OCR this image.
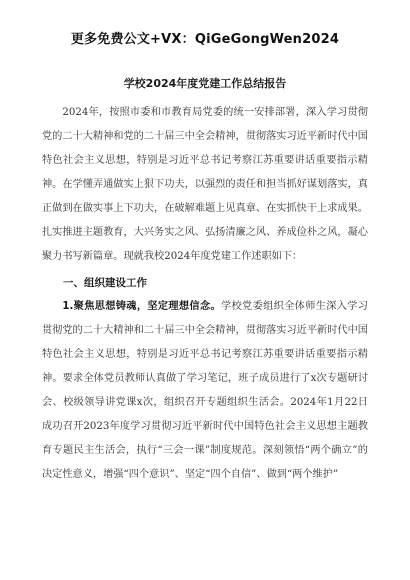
更多免费公文+VX：QiGeGongWen2024
学校2024年度党建工作总结报告

2024年，按照市委和市教育局党委的统一安排部署，深入学习贯彻党的二十大精神和党的二十届三中全会精神，贯彻落实习近平新时代中国特色社会主义思想，特别是习近平总书记考察江苏重要讲话重要指示精神。在学懂弄通做实上狠下功夫，以强烈的责任和担当抓好谋划落实，真正做到在做实事上下功夫，在破解难题上见真章、在实抓快干上求成果。扎实推进主题教育，大兴务实之风、弘扬清廉之风、养成俭朴之风，凝心聚力书写新篇章。现就我校2024年度党建工作述职如下：

一、组织建设工作

1.聚焦思想铸魂，坚定理想信念。学校党委组织全体师生深入学习贯彻党的二十大精神和二十届三中全会精神，贯彻落实习近平新时代中国特色社会主义思想，特别是习近平总书记考察江苏重要讲话重要指示精神。要求全体党员教师认真做了学习笔记，班子成员进行了x次专题研讨会、校级领导讲党课x次，组织召开专题组织生活会。2024年1月22日成功召开2023年度学习贯彻习近平新时代中国特色社会主义思想主题教育专题民主生活会，执行“三会一课”制度规范。深刻领悟“两个确立”的决定性意义，增强“四个意识”、坚定“四个自信”、做到“两个维护”
